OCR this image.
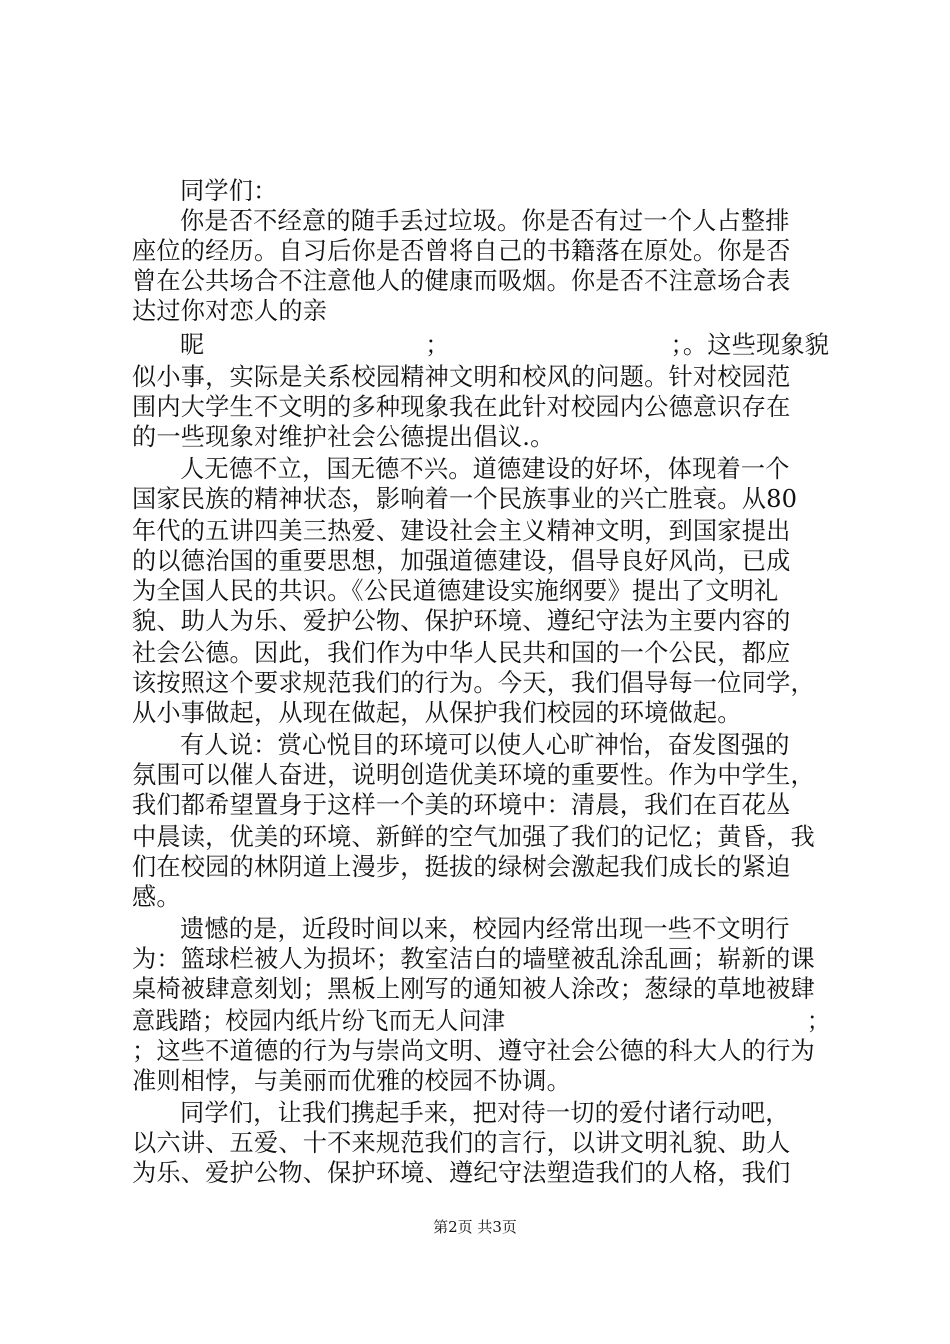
同学们：
你是否不经意的随手丢过垃圾。你是否有过一个人占整排
座位的经历。自习后你是否曾将自己的书籍落在原处。你是否
曾在公共场合不注意他人的健康而吸烟。你是否不注意场合表
达过你对恋人的亲
昵                            ；                            ；。这些现象貌
似小事，实际是关系校园精神文明和校风的问题。针对校园范
围内大学生不文明的多种现象我在此针对校园内公德意识存在
的一些现象对维护社会公德提出倡议.。
人无德不立，国无德不兴。道德建设的好坏，体现着一个
国家民族的精神状态，影响着一个民族事业的兴亡胜衰。从80
年代的五讲四美三热爱、建设社会主义精神文明，到国家提出
的以德治国的重要思想，加强道德建设，倡导良好风尚，已成
为全国人民的共识。《公民道德建设实施纲要》提出了文明礼
貌、助人为乐、爱护公物、保护环境、遵纪守法为主要内容的
社会公德。因此，我们作为中华人民共和国的一个公民，都应
该按照这个要求规范我们的行为。今天，我们倡导每一位同学，
从小事做起，从现在做起，从保护我们校园的环境做起。
有人说：赏心悦目的环境可以使人心旷神怡，奋发图强的
氛围可以催人奋进，说明创造优美环境的重要性。作为中学生，
我们都希望置身于这样一个美的环境中：清晨，我们在百花丛
中晨读，优美的环境、新鲜的空气加强了我们的记忆；黄昏，我
们在校园的林阴道上漫步，挺拔的绿树会激起我们成长的紧迫
感。
遗憾的是，近段时间以来，校园内经常出现一些不文明行
为：篮球栏被人为损坏；教室洁白的墙壁被乱涂乱画；崭新的课
桌椅被肆意刻划；黑板上刚写的通知被人涂改；葱绿的草地被肆
意践踏；校园内纸片纷飞而无人问津                                        ；
；这些不道德的行为与崇尚文明、遵守社会公德的科大人的行为
准则相悖，与美丽而优雅的校园不协调。
同学们，让我们携起手来，把对待一切的爱付诸行动吧，
以六讲、五爱、十不来规范我们的言行，以讲文明礼貌、助人
为乐、爱护公物、保护环境、遵纪守法塑造我们的人格，我们
第2页 共3页
